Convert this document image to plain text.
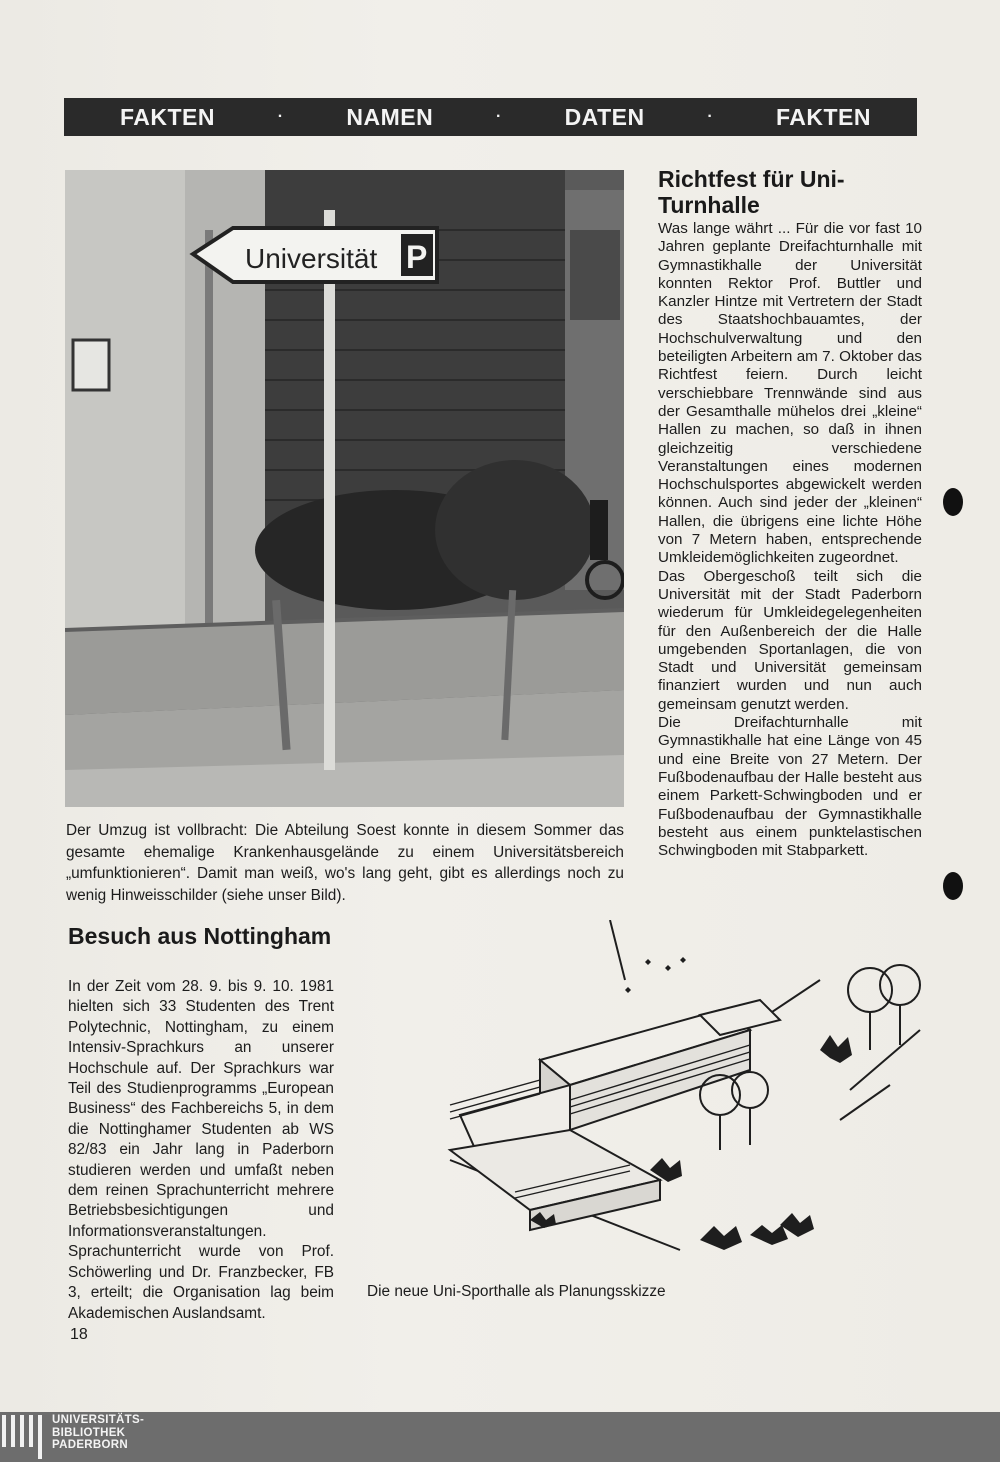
FAKTEN	·	NAMEN	·	DATEN	·	FAKTEN
Universität P
Der Umzug ist vollbracht: Die Abteilung Soest konnte in diesem Sommer das gesamte ehemalige Krankenhausgelände zu einem Universitätsbereich „umfunktionieren“. Damit man weiß, wo's lang geht, gibt es allerdings noch zu wenig Hinweisschilder (siehe unser Bild).
Besuch aus Nottingham
In der Zeit vom 28. 9. bis 9. 10. 1981 hielten sich 33 Studenten des Trent Polytechnic, Nottingham, zu einem Intensiv-Sprachkurs an unserer Hochschule auf. Der Sprachkurs war Teil des Studienprogramms „European Business“ des Fachbereichs 5, in dem die Nottinghamer Studenten ab WS 82/83 ein Jahr lang in Paderborn studieren werden und umfaßt neben dem reinen Sprachunterricht mehrere Betriebsbesichtigungen und Informationsveranstaltungen. Sprachunterricht wurde von Prof. Schöwerling und Dr. Franzbecker, FB 3, erteilt; die Organisation lag beim Akademischen Auslandsamt.
Richtfest für Uni-Turnhalle
Was lange währt ... Für die vor fast 10 Jahren geplante Dreifachturnhalle mit Gymnastikhalle der Universität konnten Rektor Prof. Buttler und Kanzler Hintze mit Vertretern der Stadt des Staatshochbauamtes, der Hochschulverwaltung und den beteiligten Arbeitern am 7. Oktober das Richtfest feiern. Durch leicht verschiebbare Trennwände sind aus der Gesamthalle mühelos drei „kleine“ Hallen zu machen, so daß in ihnen gleichzeitig verschiedene Veranstaltungen eines modernen Hochschulsportes abgewickelt werden können. Auch sind jeder der „kleinen“ Hallen, die übrigens eine lichte Höhe von 7 Metern haben, entsprechende Umkleidemöglichkeiten zugeordnet.
Das Obergeschoß teilt sich die Universität mit der Stadt Paderborn wiederum für Umkleidegelegenheiten für den Außenbereich der die Halle umgebenden Sportanlagen, die von Stadt und Universität gemeinsam finanziert wurden und nun auch gemeinsam genutzt werden.
Die Dreifachturnhalle mit Gymnastikhalle hat eine Länge von 45 und eine Breite von 27 Metern. Der Fußbodenaufbau der Halle besteht aus einem Parkett-Schwingboden und er Fußbodenaufbau der Gymnastikhalle besteht aus einem punktelastischen Schwingboden mit Stabparkett.
Die neue Uni-Sporthalle als Planungsskizze
18
UNIVERSITÄTS-
BIBLIOTHEK
PADERBORN
